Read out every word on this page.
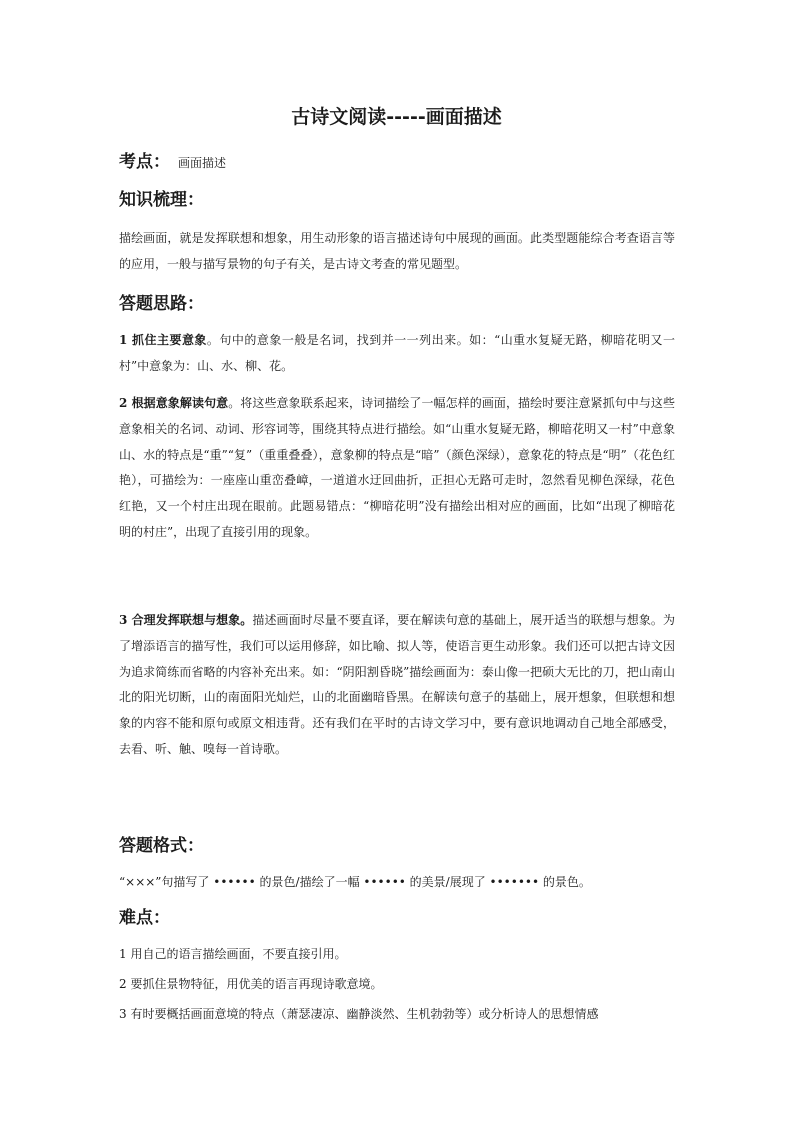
古诗文阅读-----画面描述
考点： 画面描述
知识梳理：

描绘画面，就是发挥联想和想象，用生动形象的语言描述诗句中展现的画面。此类型题能综合考查语言等的应用，一般与描写景物的句子有关，是古诗文考查的常见题型。

答题思路：

1 抓住主要意象。句中的意象一般是名词，找到并一一列出来。如：“山重水复疑无路，柳暗花明又一村”中意象为：山、水、柳、花。

2 根据意象解读句意。将这些意象联系起来，诗词描绘了一幅怎样的画面，描绘时要注意紧抓句中与这些意象相关的名词、动词、形容词等，围绕其特点进行描绘。如“山重水复疑无路，柳暗花明又一村”中意象山、水的特点是“重”“复”（重重叠叠），意象柳的特点是“暗”（颜色深绿），意象花的特点是“明”（花色红艳），可描绘为：一座座山重峦叠嶂，一道道水迂回曲折，正担心无路可走时，忽然看见柳色深绿，花色红艳，又一个村庄出现在眼前。此题易错点：“柳暗花明”没有描绘出相对应的画面，比如“出现了柳暗花明的村庄”，出现了直接引用的现象。

3 合理发挥联想与想象。描述画面时尽量不要直译，要在解读句意的基础上，展开适当的联想与想象。为了增添语言的描写性，我们可以运用修辞，如比喻、拟人等，使语言更生动形象。我们还可以把古诗文因为追求简练而省略的内容补充出来。如：“阴阳割昏晓”描绘画面为：泰山像一把硕大无比的刀，把山南山北的阳光切断，山的南面阳光灿烂，山的北面幽暗昏黑。在解读句意子的基础上，展开想象，但联想和想象的内容不能和原句或原文相违背。还有我们在平时的古诗文学习中，要有意识地调动自己地全部感受，去看、听、触、嗅每一首诗歌。

答题格式：

“×××”句描写了 •••••• 的景色/描绘了一幅 •••••• 的美景/展现了 ••••••• 的景色。

难点：

1 用自己的语言描绘画面，不要直接引用。

2 要抓住景物特征，用优美的语言再现诗歌意境。

3 有时要概括画面意境的特点（萧瑟凄凉、幽静淡然、生机勃勃等）或分析诗人的思想情感
